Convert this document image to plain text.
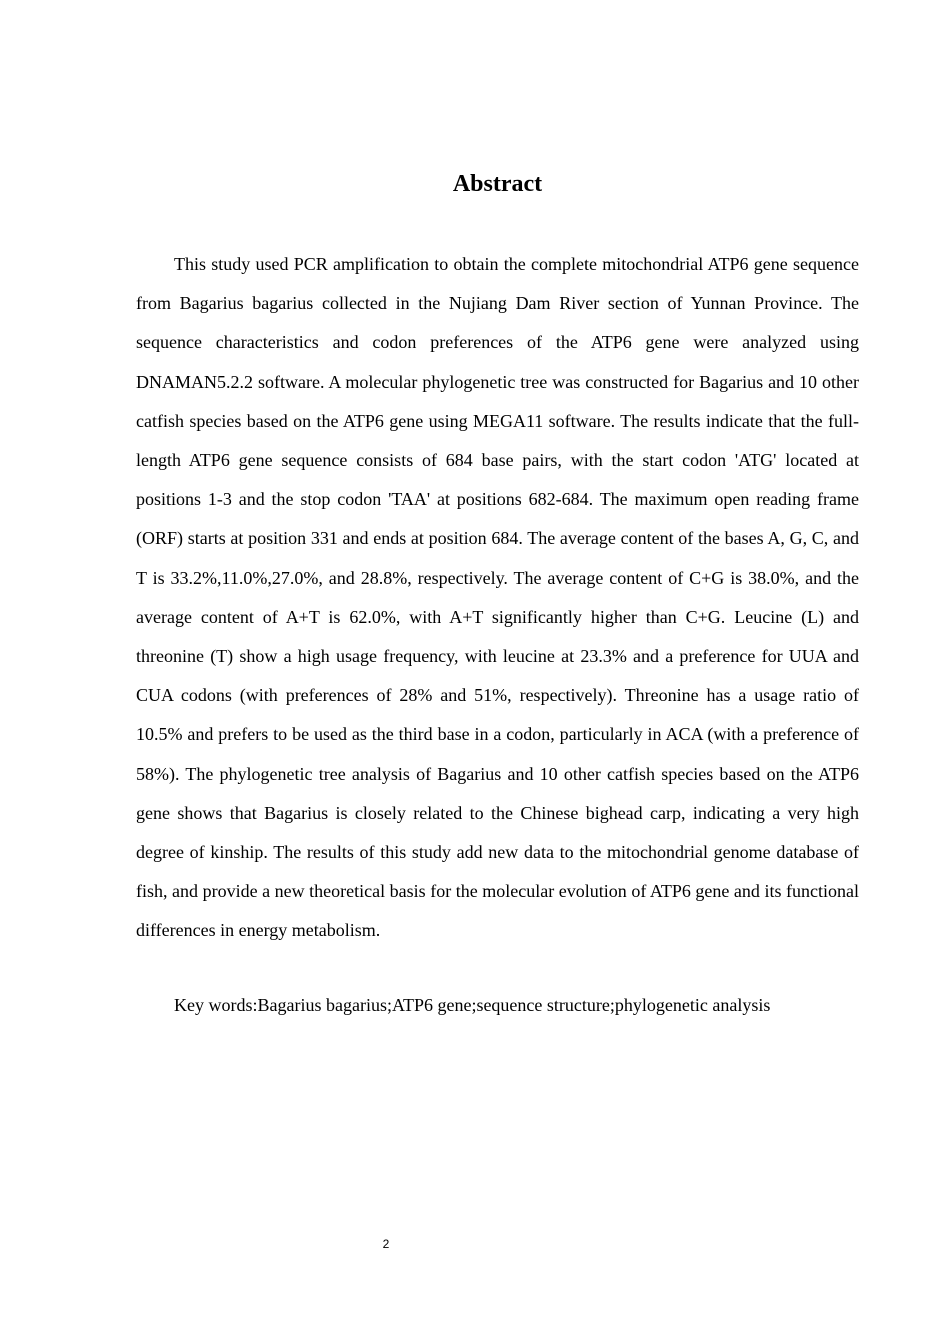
Abstract

This study used PCR amplification to obtain the complete mitochondrial ATP6 gene sequence from Bagarius bagarius collected in the Nujiang Dam River section of Yunnan Province. The sequence characteristics and codon preferences of the ATP6 gene were analyzed using DNAMAN5.2.2 software. A molecular phylogenetic tree was constructed for Bagarius and 10 other catfish species based on the ATP6 gene using MEGA11 software. The results indicate that the full-length ATP6 gene sequence consists of 684 base pairs, with the start codon 'ATG' located at positions 1-3 and the stop codon 'TAA' at positions 682-684. The maximum open reading frame (ORF) starts at position 331 and ends at position 684. The average content of the bases A, G, C, and T is 33.2%,11.0%,27.0%, and 28.8%, respectively. The average content of C+G is 38.0%, and the average content of A+T is 62.0%, with A+T significantly higher than C+G. Leucine (L) and threonine (T) show a high usage frequency, with leucine at 23.3% and a preference for UUA and CUA codons (with preferences of 28% and 51%, respectively). Threonine has a usage ratio of 10.5% and prefers to be used as the third base in a codon, particularly in ACA (with a preference of 58%). The phylogenetic tree analysis of Bagarius and 10 other catfish species based on the ATP6 gene shows that Bagarius is closely related to the Chinese bighead carp, indicating a very high degree of kinship. The results of this study add new data to the mitochondrial genome database of fish, and provide a new theoretical basis for the molecular evolution of ATP6 gene and its functional differences in energy metabolism.

Key words:Bagarius bagarius;ATP6 gene;sequence structure;phylogenetic analysis

2
